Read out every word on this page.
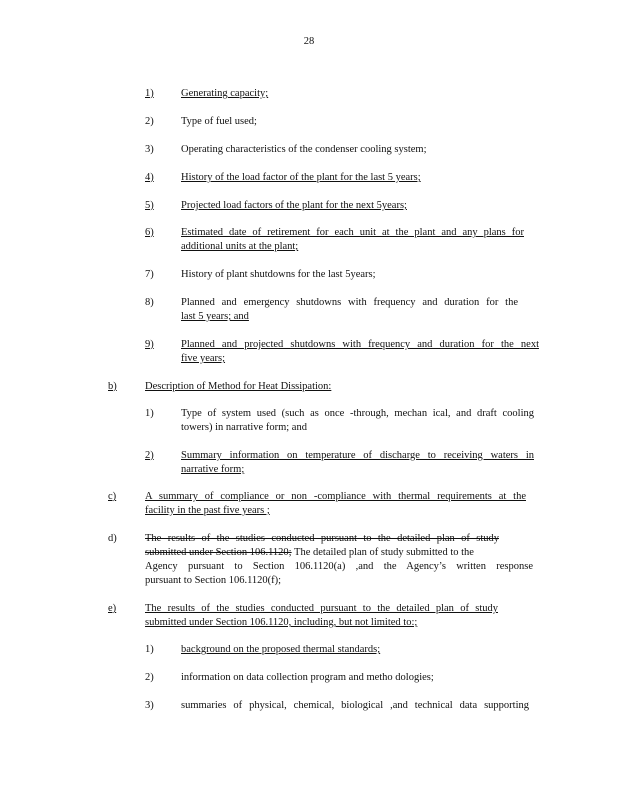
28
1)	Generating capacity;
2)	Type of fuel used;
3)	Operating characteristics of the condenser cooling system;
4)	History of the load factor of the plant for the last 5 years;
5)	Projected load factors of the plant for the next 5years;
6)	Estimated date of retirement for each unit at the plant and any plans for
additional units at the plant;
7)	History of plant shutdowns for the last 5years;
8)	Planned and emergency shutdowns with frequency and duration for the
last 5 years; and
9)	Planned and projected shutdowns with frequency and duration for the next
five years;
b)	Description of Method for Heat Dissipation:
1)	Type of system used (such as once -through, mechan ical, and draft cooling
towers) in narrative form; and
2)	Summary information on temperature of discharge to receiving waters in
narrative form;
c)	A summary of compliance or non -compliance with thermal requirements at the
facility in the past five years ;
d)	The results of the studies conducted pursuant to the detailed plan of study
submitted under Section 106.1120; The detailed plan of study submitted to the
Agency pursuant to Section 106.1120(a) ,and the Agency’s written response
pursuant to Section 106.1120(f);
e)	The results of the studies conducted pursuant to the detailed plan of study
submitted under Section 106.1120, including, but not limited to:;
1)	background on the proposed thermal standards;
2)	information on data collection program and metho dologies;
3)	summaries of physical, chemical, biological ,and technical data supporting
